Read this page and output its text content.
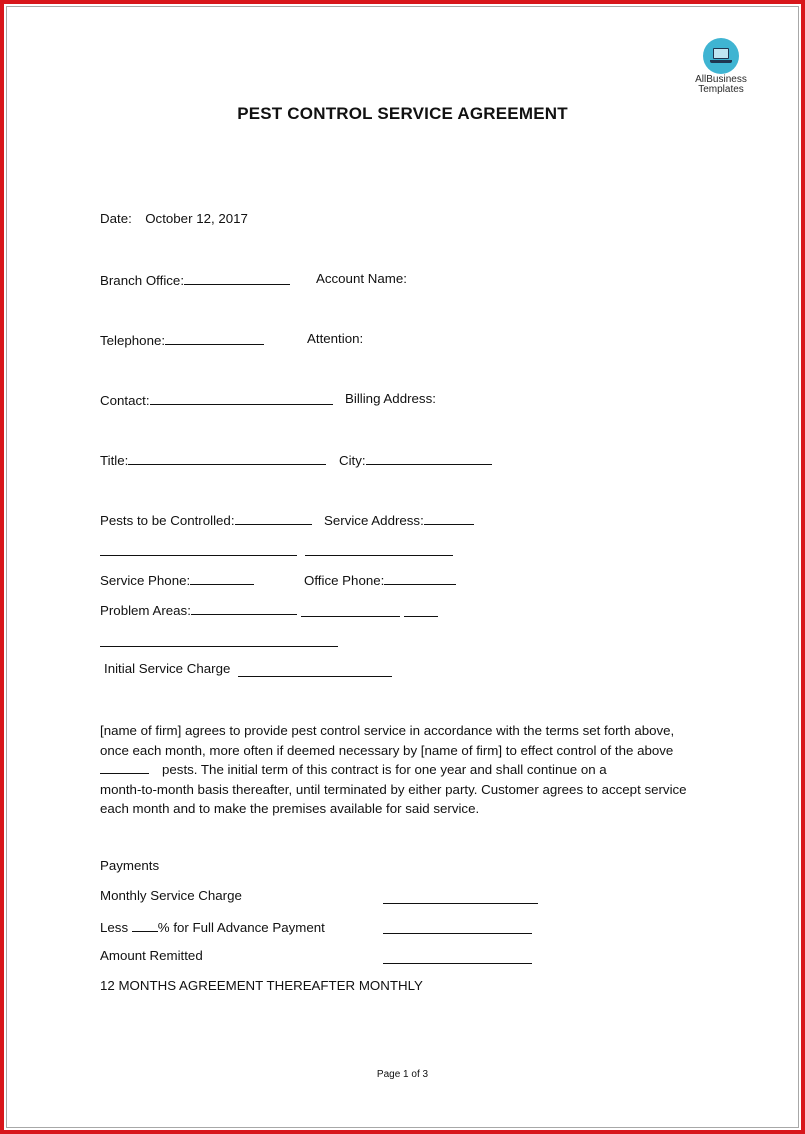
AllBusiness
Templates
PEST CONTROL SERVICE AGREEMENT
Date: October 12, 2017
Branch Office:	Account Name:
Telephone:	Attention:
Contact:	Billing Address:
Title:	City:
Pests to be Controlled:	Service Address:
Service Phone:	Office Phone:
Problem Areas:
Initial Service Charge
[name of firm] agrees to provide pest control service in accordance with the terms set forth above,
once each month, more often if deemed necessary by [name of firm] to effect control of the above
pests. The initial term of this contract is for one year and shall continue on a
month-to-month basis thereafter, until terminated by either party. Customer agrees to accept service
each month and to make the premises available for said service.
Payments
Monthly Service Charge
Less % for Full Advance Payment
Amount Remitted
12 MONTHS AGREEMENT THEREAFTER MONTHLY
Page 1 of 3
